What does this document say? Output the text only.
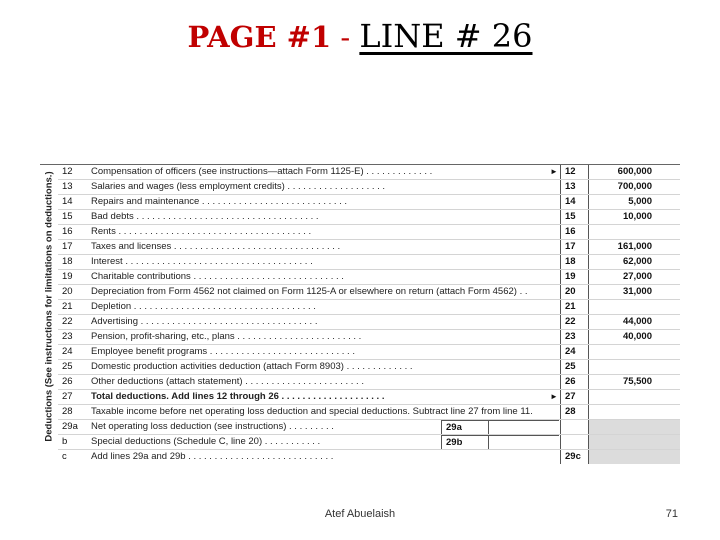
PAGE #1 - LINE # 26
Deductions (See instructions for limitations on deductions.) 12	Compensation of officers (see instructions—attach Form 1125-E) . . . . . . . . . . . . .	► 12	600,000
13	Salaries and wages (less employment credits) . . . . . . . . . . . . . . . . . . .	13	700,000
14	Repairs and maintenance . . . . . . . . . . . . . . . . . . . . . . . . . . . .	14	5,000
15	Bad debts . . . . . . . . . . . . . . . . . . . . . . . . . . . . . . . . . . .	15	10,000
16	Rents . . . . . . . . . . . . . . . . . . . . . . . . . . . . . . . . . . . . .	16
17	Taxes and licenses . . . . . . . . . . . . . . . . . . . . . . . . . . . . . . . .	17	161,000
18	Interest . . . . . . . . . . . . . . . . . . . . . . . . . . . . . . . . . . . .	18	62,000
19	Charitable contributions . . . . . . . . . . . . . . . . . . . . . . . . . . . . .	19	27,000
20	Depreciation from Form 4562 not claimed on Form 1125-A or elsewhere on return (attach Form 4562) . .	20	31,000
21	Depletion . . . . . . . . . . . . . . . . . . . . . . . . . . . . . . . . . . .	21
22	Advertising . . . . . . . . . . . . . . . . . . . . . . . . . . . . . . . . . .	22	44,000
23	Pension, profit-sharing, etc., plans . . . . . . . . . . . . . . . . . . . . . . . .	23	40,000
24	Employee benefit programs . . . . . . . . . . . . . . . . . . . . . . . . . . . .	24
25	Domestic production activities deduction (attach Form 8903) . . . . . . . . . . . . .	25
26	Other deductions (attach statement) . . . . . . . . . . . . . . . . . . . . . . .	26	75,500
27	Total deductions. Add lines 12 through 26 . . . . . . . . . . . . . . . . . . . .	► 27
28	Taxable income before net operating loss deduction and special deductions. Subtract line 27 from line 11.	28
29a	Net operating loss deduction (see instructions) . . . . . . . . .	29a
b	Special deductions (Schedule C, line 20) . . . . . . . . . . .	29b
c	Add lines 29a and 29b . . . . . . . . . . . . . . . . . . . . . . . . . . . .	29c
Atef Abuelaish	71
